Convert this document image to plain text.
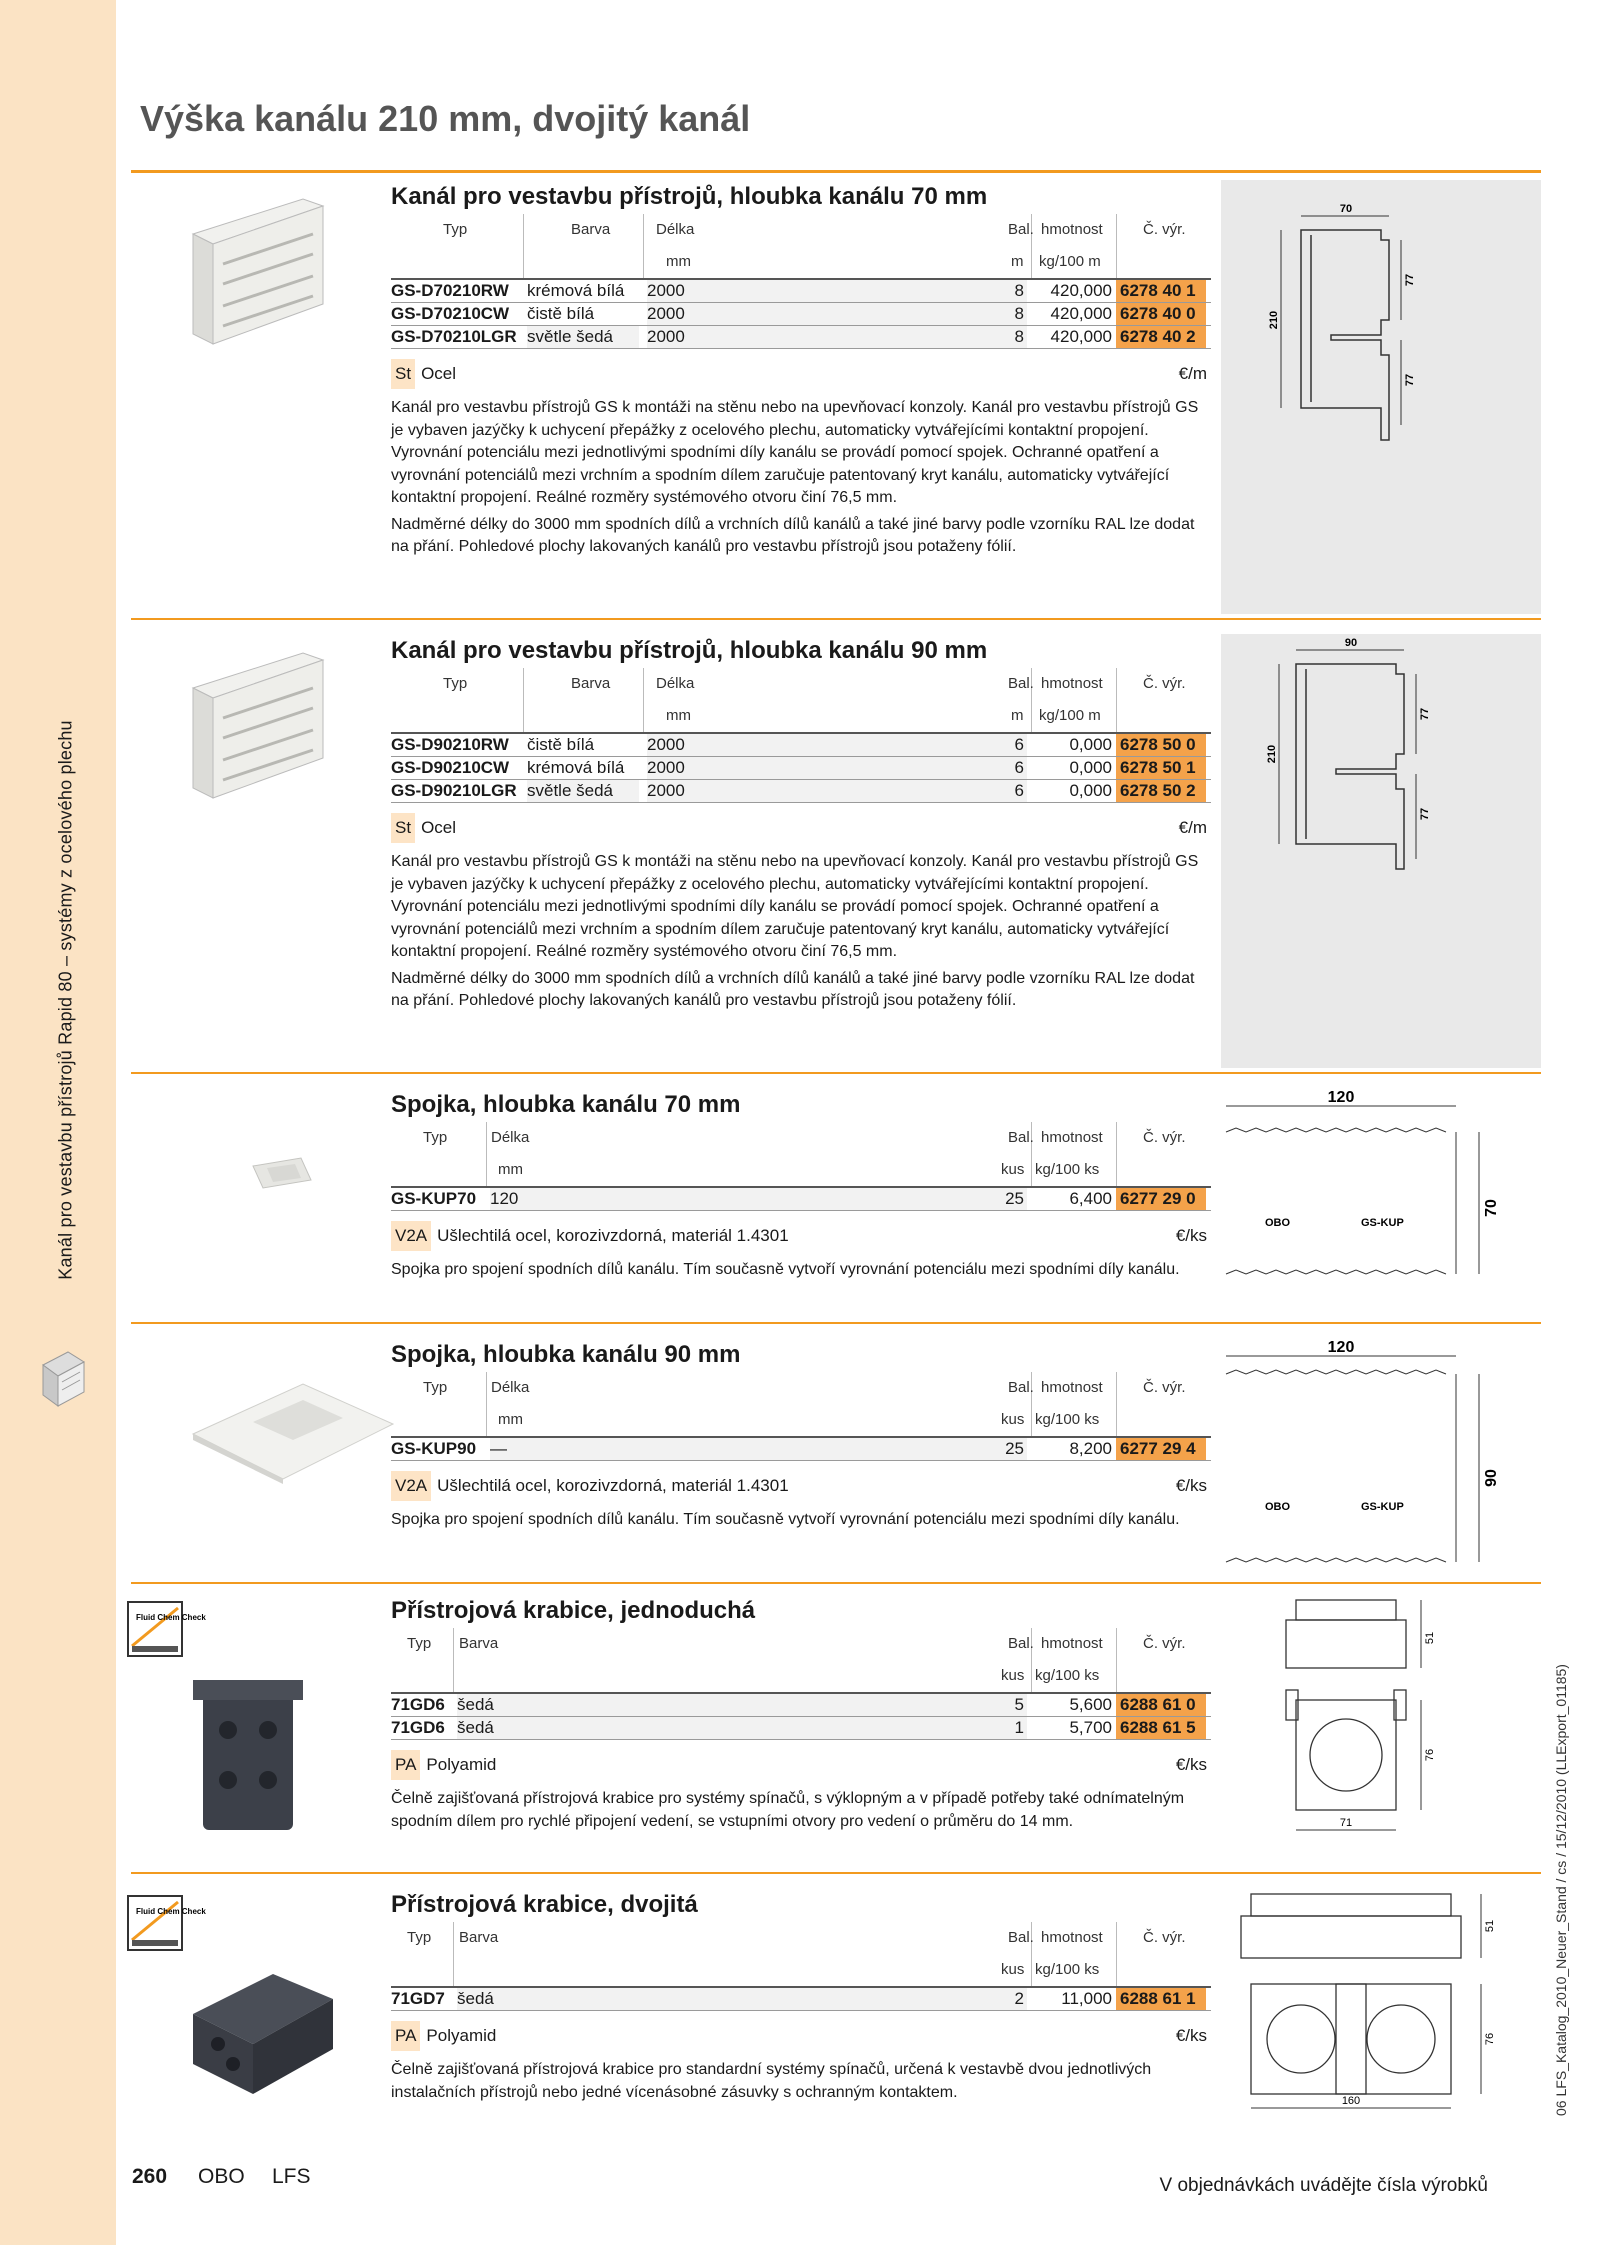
Kanál pro vestavbu přístrojů Rapid 80 – systémy z ocelového plechu
06 LFS_Katalog_2010_Neuer_Stand / cs / 15/12/2010 (LLExport_01185)
Výška kanálu 210 mm, dvojitý kanál
Kanál pro vestavbu přístrojů, hloubka kanálu 70 mm
Typ	Barva	Délka	Bal. hmotnost	Č. výr.
mm	m kg/100 m
GS-D70210RW krémová bílá	2000	8	420,000 6278 40 1
GS-D70210CW čistě bílá	2000	8	420,000 6278 40 0
GS-D70210LGR světle šedá	2000	8	420,000 6278 40 2
St Ocel	€/m

Kanál pro vestavbu přístrojů GS k montáži na stěnu nebo na upevňovací konzoly. Kanál pro vestavbu přístrojů GS je vybaven jazýčky k uchycení přepážky z ocelového plechu, automaticky vytvářejícími kontaktní propojení. Vyrovnání potenciálu mezi jednotlivými spodními díly kanálu se provádí pomocí spojek. Ochranné opatření a vyrovnání potenciálů mezi vrchním a spodním dílem zaručuje patentovaný kryt kanálu, automaticky vytvářející kontaktní propojení. Reálné rozměry systémového otvoru činí 76,5 mm.

Nadměrné délky do 3000 mm spodních dílů a vrchních dílů kanálů a také jiné barvy podle vzorníku RAL lze dodat na přání. Pohledové plochy lakovaných kanálů pro vestavbu přístrojů jsou potaženy fólií.

70
210
77
77
Kanál pro vestavbu přístrojů, hloubka kanálu 90 mm
Typ	Barva	Délka	Bal. hmotnost	Č. výr.
mm	m kg/100 m
GS-D90210RW čistě bílá	2000	6	0,000 6278 50 0
GS-D90210CW krémová bílá	2000	6	0,000 6278 50 1
GS-D90210LGR světle šedá	2000	6	0,000 6278 50 2
St Ocel	€/m

Kanál pro vestavbu přístrojů GS k montáži na stěnu nebo na upevňovací konzoly. Kanál pro vestavbu přístrojů GS je vybaven jazýčky k uchycení přepážky z ocelového plechu, automaticky vytvářejícími kontaktní propojení. Vyrovnání potenciálu mezi jednotlivými spodními díly kanálu se provádí pomocí spojek. Ochranné opatření a vyrovnání potenciálů mezi vrchním a spodním dílem zaručuje patentovaný kryt kanálu, automaticky vytvářející kontaktní propojení. Reálné rozměry systémového otvoru činí 76,5 mm.

Nadměrné délky do 3000 mm spodních dílů a vrchních dílů kanálů a také jiné barvy podle vzorníku RAL lze dodat na přání. Pohledové plochy lakovaných kanálů pro vestavbu přístrojů jsou potaženy fólií.

90
210
77
77
Spojka, hloubka kanálu 70 mm
Typ	Délka	Bal. hmotnost	Č. výr.
mm	kus kg/100 ks
GS-KUP70 120	25	6,400 6277 29 0
V2A Ušlechtilá ocel, korozivzdorná, materiál 1.4301	€/ks

Spojka pro spojení spodních dílů kanálu. Tím současně vytvoří vyrovnání potenciálu mezi spodními díly kanálu.

120
OBO	GS-KUP
70
Spojka, hloubka kanálu 90 mm
Typ	Délka	Bal. hmotnost	Č. výr.
mm	kus kg/100 ks
GS-KUP90 —	25	8,200 6277 29 4
V2A Ušlechtilá ocel, korozivzdorná, materiál 1.4301	€/ks

Spojka pro spojení spodních dílů kanálu. Tím současně vytvoří vyrovnání potenciálu mezi spodními díly kanálu.

120
OBO	GS-KUP
90
Fluid Chem Check	Přístrojová krabice, jednoduchá
Typ Barva	Bal. hmotnost	Č. výr.
kus kg/100 ks
71GD6 šedá	5	5,600 6288 61 0
71GD6 šedá	1	5,700 6288 61 5
PA Polyamid	€/ks

Čelně zajišťovaná přístrojová krabice pro systémy spínačů, s výklopným a v případě potřeby také odnímatelným spodním dílem pro rychlé připojení vedení, se vstupními otvory pro vedení o průměru do 14 mm.

51
76
71
Fluid Chem Check	Přístrojová krabice, dvojitá
Typ Barva	Bal. hmotnost	Č. výr.
kus kg/100 ks
71GD7 šedá	2	11,000 6288 61 1
PA Polyamid	€/ks

Čelně zajišťovaná přístrojová krabice pro standardní systémy spínačů, určená k vestavbě dvou jednotlivých instalačních přístrojů nebo jedné vícenásobné zásuvky s ochranným kontaktem.

51
76
160
260 OBO LFS	V objednávkách uvádějte čísla výrobků
